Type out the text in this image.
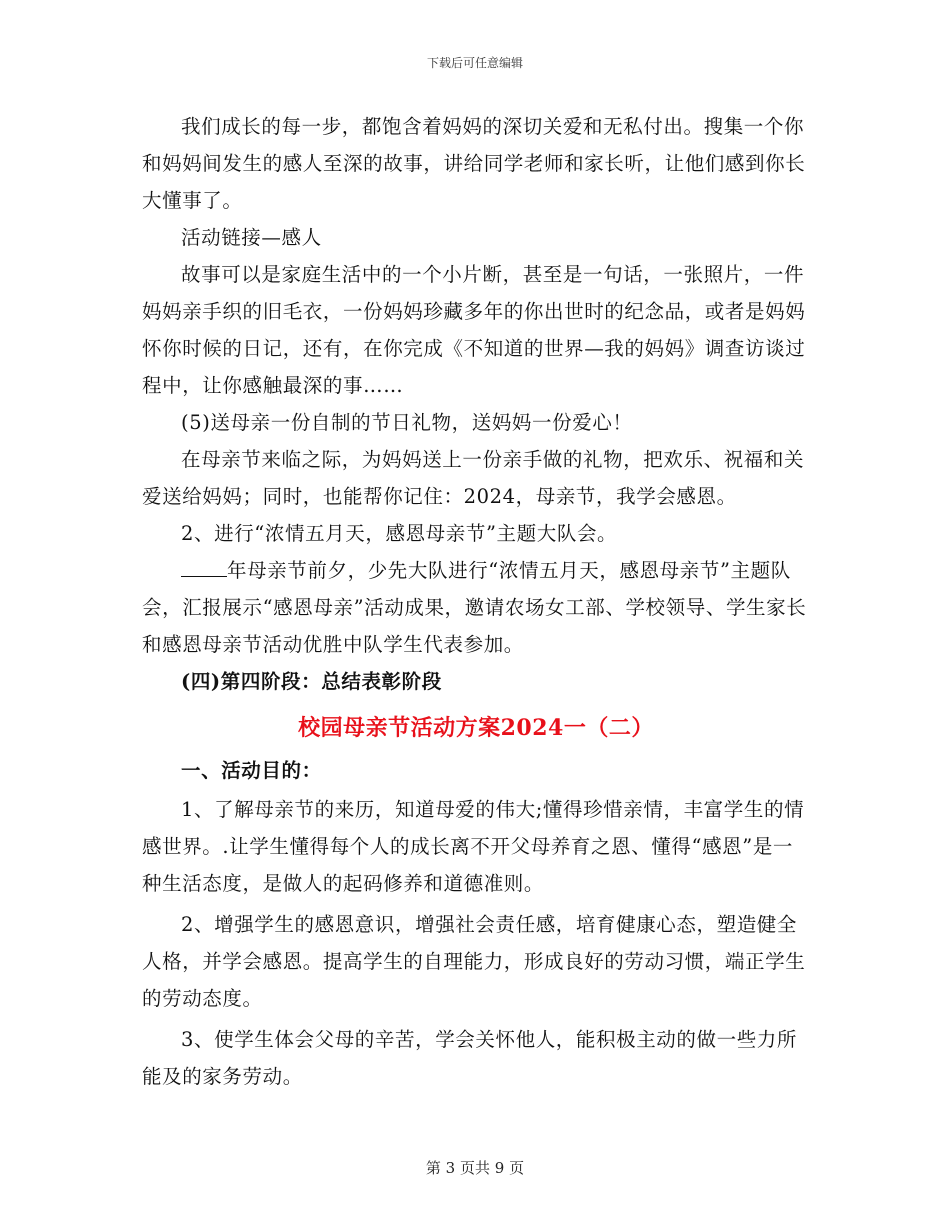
下载后可任意编辑

我们成长的每一步，都饱含着妈妈的深切关爱和无私付出。搜集一个你和妈妈间发生的感人至深的故事，讲给同学老师和家长听，让他们感到你长大懂事了。

活动链接—感人

故事可以是家庭生活中的一个小片断，甚至是一句话，一张照片，一件妈妈亲手织的旧毛衣，一份妈妈珍藏多年的你出世时的纪念品，或者是妈妈怀你时候的日记，还有，在你完成《不知道的世界—我的妈妈》调查访谈过程中，让你感触最深的事……

(5)送母亲一份自制的节日礼物，送妈妈一份爱心！

在母亲节来临之际，为妈妈送上一份亲手做的礼物，把欢乐、祝福和关爱送给妈妈；同时，也能帮你记住：2024，母亲节，我学会感恩。

2、进行“浓情五月天，感恩母亲节”主题大队会。

年母亲节前夕，少先大队进行“浓情五月天，感恩母亲节”主题队会，汇报展示“感恩母亲”活动成果，邀请农场女工部、学校领导、学生家长和感恩母亲节活动优胜中队学生代表参加。

(四)第四阶段：总结表彰阶段

校园母亲节活动方案2024一（二）

一、活动目的：

1、了解母亲节的来历，知道母爱的伟大;懂得珍惜亲情，丰富学生的情感世界。.让学生懂得每个人的成长离不开父母养育之恩、懂得“感恩”是一种生活态度，是做人的起码修养和道德准则。

2、增强学生的感恩意识，增强社会责任感，培育健康心态，塑造健全人格，并学会感恩。提高学生的自理能力，形成良好的劳动习惯，端正学生的劳动态度。

3、使学生体会父母的辛苦，学会关怀他人，能积极主动的做一些力所能及的家务劳动。

第 3 页共 9 页
